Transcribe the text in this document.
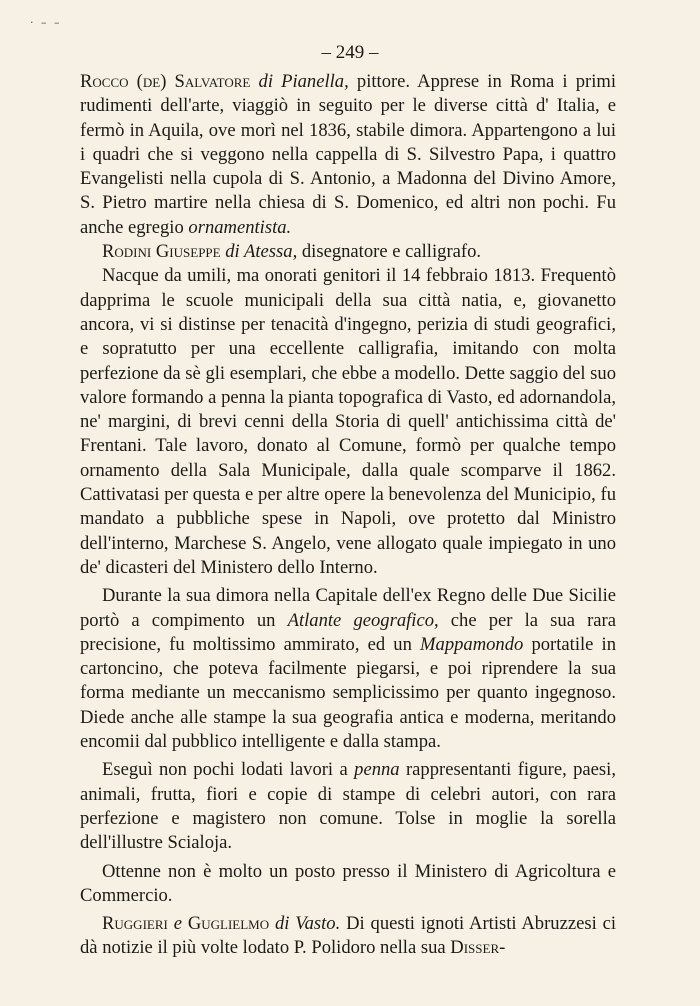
· – –
– 249 –

Rocco (de) Salvatore di Pianella, pittore. Apprese in Roma i primi rudimenti dell'arte, viaggiò in seguito per le diverse città d' Italia, e fermò in Aquila, ove morì nel 1836, stabile dimora. Appartengono a lui i quadri che si veggono nella cappella di S. Silvestro Papa, i quattro Evangelisti nella cupola di S. Antonio, a Madonna del Divino Amore, S. Pietro martire nella chiesa di S. Domenico, ed altri non pochi. Fu anche egregio ornamentista.

Rodini Giuseppe di Atessa, disegnatore e calligrafo.

Nacque da umili, ma onorati genitori il 14 febbraio 1813. Frequentò dapprima le scuole municipali della sua città natia, e, giovanetto ancora, vi si distinse per tenacità d'ingegno, perizia di studi geografici, e sopratutto per una eccellente calligrafia, imitando con molta perfezione da sè gli esemplari, che ebbe a modello. Dette saggio del suo valore formando a penna la pianta topografica di Vasto, ed adornandola, ne' margini, di brevi cenni della Storia di quell' antichissima città de' Frentani. Tale lavoro, donato al Comune, formò per qualche tempo ornamento della Sala Municipale, dalla quale scomparve il 1862. Cattivatasi per questa e per altre opere la benevolenza del Municipio, fu mandato a pubbliche spese in Napoli, ove protetto dal Ministro dell'interno, Marchese S. Angelo, vene allogato quale impiegato in uno de' dicasteri del Ministero dello Interno.

Durante la sua dimora nella Capitale dell'ex Regno delle Due Sicilie portò a compimento un Atlante geografico, che per la sua rara precisione, fu moltissimo ammirato, ed un Mappamondo portatile in cartoncino, che poteva facilmente piegarsi, e poi riprendere la sua forma mediante un meccanismo semplicissimo per quanto ingegnoso. Diede anche alle stampe la sua geografia antica e moderna, meritando encomii dal pubblico intelligente e dalla stampa.

Eseguì non pochi lodati lavori a penna rappresentanti figure, paesi, animali, frutta, fiori e copie di stampe di celebri autori, con rara perfezione e magistero non comune. Tolse in moglie la sorella dell'illustre Scialoja.

Ottenne non è molto un posto presso il Ministero di Agricoltura e Commercio.

Ruggieri e Guglielmo di Vasto. Di questi ignoti Artisti Abruzzesi ci dà notizie il più volte lodato P. Polidoro nella sua Disser-
